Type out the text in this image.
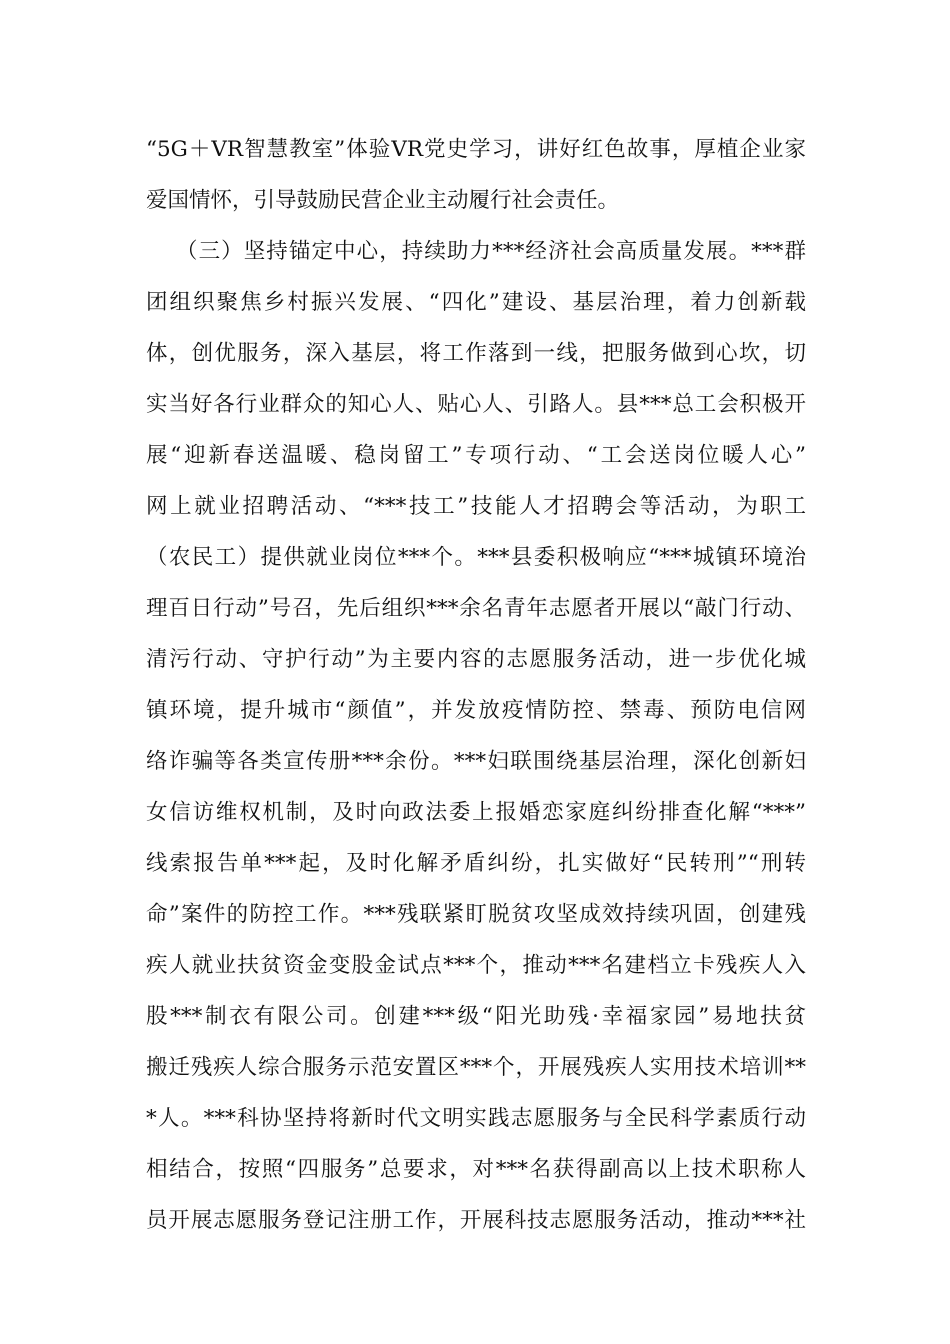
“5G＋VR智慧教室”体验VR党史学习，讲好红色故事，厚植企业家
爱国情怀，引导鼓励民营企业主动履行社会责任。
（三）坚持锚定中心，持续助力***经济社会高质量发展。***群
团组织聚焦乡村振兴发展、“四化”建设、基层治理，着力创新载
体，创优服务，深入基层，将工作落到一线，把服务做到心坎，切
实当好各行业群众的知心人、贴心人、引路人。县***总工会积极开
展“迎新春送温暖、稳岗留工”专项行动、“工会送岗位暖人心”
网上就业招聘活动、“***技工”技能人才招聘会等活动，为职工
（农民工）提供就业岗位***个。***县委积极响应“***城镇环境治
理百日行动”号召，先后组织***余名青年志愿者开展以“敲门行动、
清污行动、守护行动”为主要内容的志愿服务活动，进一步优化城
镇环境，提升城市“颜值”，并发放疫情防控、禁毒、预防电信网
络诈骗等各类宣传册***余份。***妇联围绕基层治理，深化创新妇
女信访维权机制，及时向政法委上报婚恋家庭纠纷排查化解“***”
线索报告单***起，及时化解矛盾纠纷，扎实做好“民转刑”“刑转
命”案件的防控工作。***残联紧盯脱贫攻坚成效持续巩固，创建残
疾人就业扶贫资金变股金试点***个，推动***名建档立卡残疾人入
股***制衣有限公司。创建***级“阳光助残·幸福家园”易地扶贫
搬迁残疾人综合服务示范安置区***个，开展残疾人实用技术培训**
*人。***科协坚持将新时代文明实践志愿服务与全民科学素质行动
相结合，按照“四服务”总要求，对***名获得副高以上技术职称人
员开展志愿服务登记注册工作，开展科技志愿服务活动，推动***社
